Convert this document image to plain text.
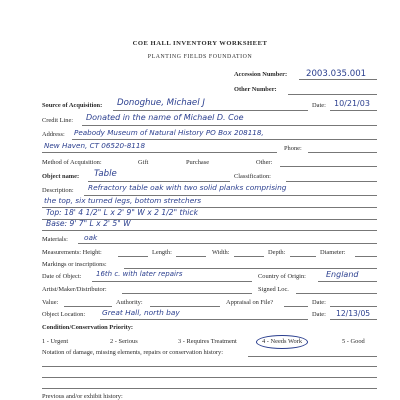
COE HALL INVENTORY WORKSHEET
PLANTING FIELDS FOUNDATION
Accession Number: 2003.035.001
Other Number:
Source of Acquisition: Donoghue, Michael J	Date: 10/21/03
Credit Line: Donated in the name of Michael D. Coe
Address: Peabody Museum of Natural History PO Box 208118,
New Haven, CT 06520-8118	Phone:
Method of Acquisition:	Gift	Purchase	Other:
Object name: Table	Classification:
Description: Refractory table oak with two solid planks comprising
the top, six turned legs, bottom stretchers
Top: 18' 4 1/2" L x 2' 9" W x 2 1/2" thick
Base: 9' 7" L x 2' 5" W
Materials: oak
Measurements: Height:	Length:	Width:	Depth:	Diameter:
Markings or inscriptions:
Date of Object: 16th c. with later repairs	Country of Origin:	England
Artist/Maker/Distributor:	Signed Loc.
Value:	Authority:	Appraisal on File?	Date:
Object Location: Great Hall, north bay	Date: 12/13/05
Condition/Conservation Priority:
1 - Urgent	2 - Serious	3 - Requires Treatment	4 - Needs Work	5 - Good
Notation of damage, missing elements, repairs or conservation history:
Previous and/or exhibit history:
